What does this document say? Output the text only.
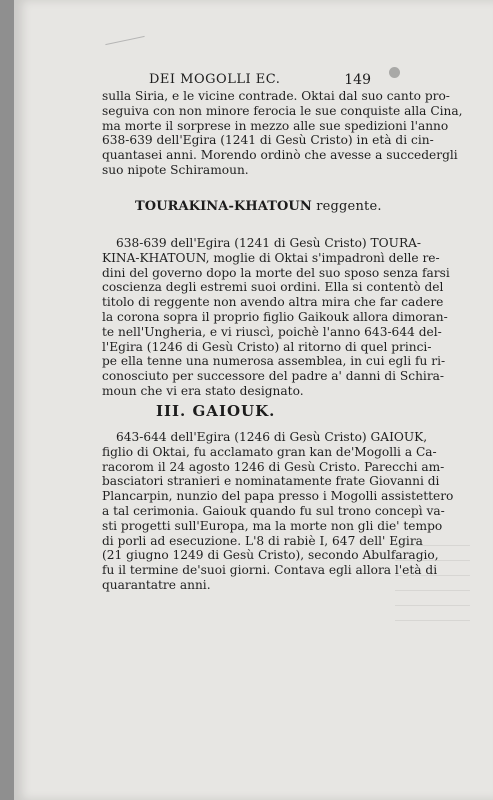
DEI MOGOLLI EC.	149
sulla Siria, e le vicine contrade. Oktai dal suo canto pro-
seguiva con non minore ferocia le sue conquiste alla Cina,
ma morte il sorprese in mezzo alle sue spedizioni l'anno
638-639 dell'Egira (1241 di Gesù Cristo) in età di cin-
quantasei anni. Morendo ordinò che avesse a succedergli
suo nipote Schiramoun.
TOURAKINA-KHATOUN reggente.
638-639 dell'Egira (1241 di Gesù Cristo) TOURA-
KINA-KHATOUN, moglie di Oktai s'impadronì delle re-
dini del governo dopo la morte del suo sposo senza farsi
coscienza degli estremi suoi ordini. Ella si contentò del
titolo di reggente non avendo altra mira che far cadere
la corona sopra il proprio figlio Gaikouk allora dimoran-
te nell'Ungheria, e vi riuscì, poichè l'anno 643-644 del-
l'Egira (1246 di Gesù Cristo) al ritorno di quel princi-
pe ella tenne una numerosa assemblea, in cui egli fu ri-
conosciuto per successore del padre a' danni di Schira-
moun che vi era stato designato.
III. GAIOUK.
643-644 dell'Egira (1246 di Gesù Cristo) GAIOUK,
figlio di Oktai, fu acclamato gran kan de'Mogolli a Ca-
racorom il 24 agosto 1246 di Gesù Cristo. Parecchi am-
basciatori stranieri e nominatamente frate Giovanni di
Plancarpin, nunzio del papa presso i Mogolli assistettero
a tal cerimonia. Gaiouk quando fu sul trono concepì va-
sti progetti sull'Europa, ma la morte non gli die' tempo
di porli ad esecuzione. L'8 di rabiè I, 647 dell' Egira
(21 giugno 1249 di Gesù Cristo), secondo Abulfaragio,
fu il termine de'suoi giorni. Contava egli allora l'età di
quarantatre anni.
